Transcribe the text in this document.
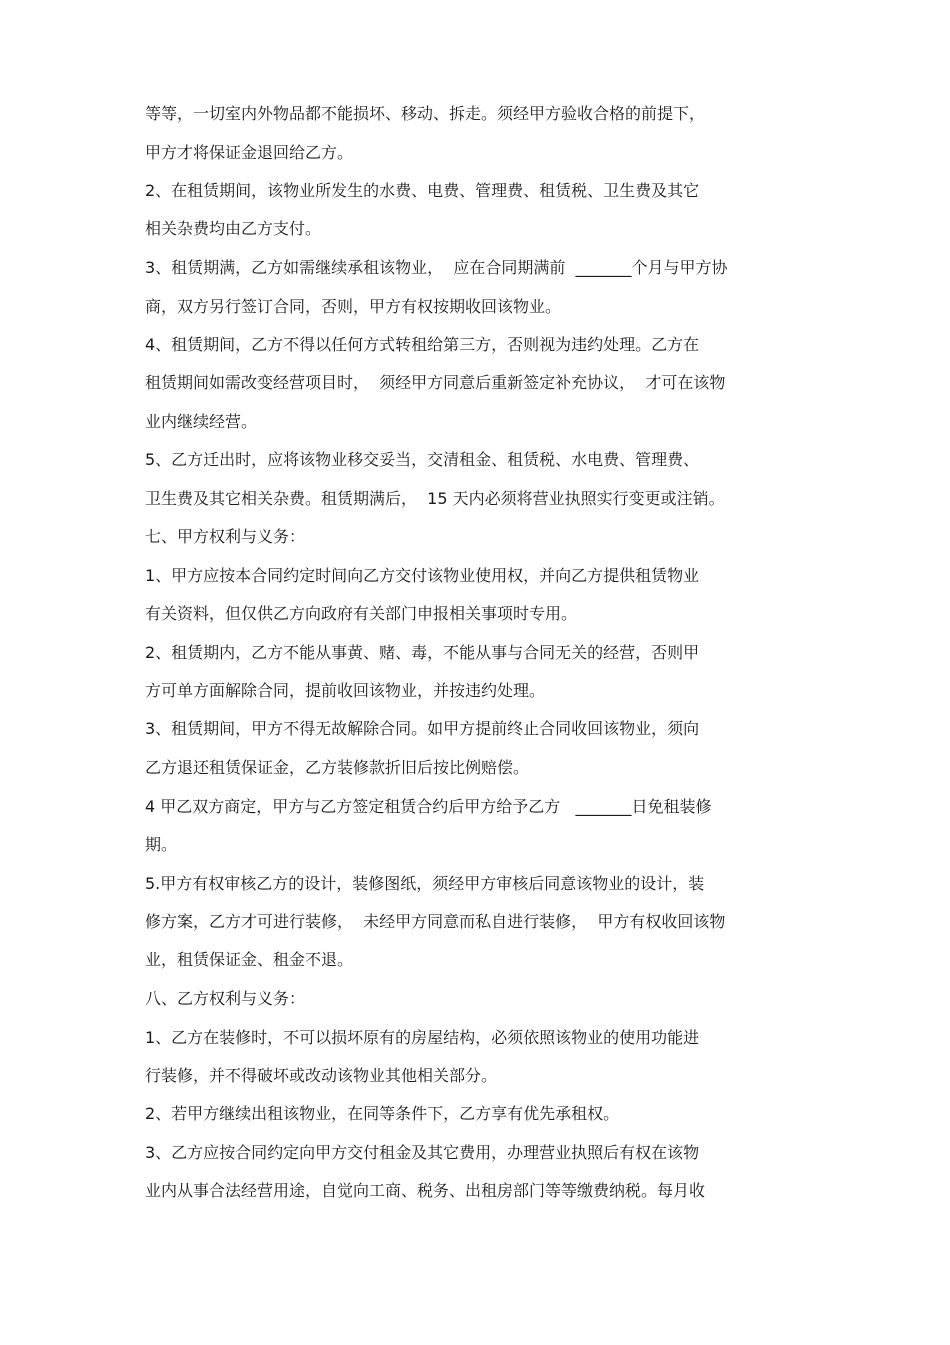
等等，一切室内外物品都不能损坏、移动、拆走。须经甲方验收合格的前提下，
甲方才将保证金退回给乙方。
2、在租赁期间，该物业所发生的水费、电费、管理费、租赁税、卫生费及其它
相关杂费均由乙方支付。
3、租赁期满，乙方如需继续承租该物业，  应在合同期满前  _______个月与甲方协
商，双方另行签订合同，否则，甲方有权按期收回该物业。
4、租赁期间，乙方不得以任何方式转租给第三方，否则视为违约处理。乙方在
租赁期间如需改变经营项目时，  须经甲方同意后重新签定补充协议，  才可在该物
业内继续经营。
5、乙方迁出时，应将该物业移交妥当，交清租金、租赁税、水电费、管理费、
卫生费及其它相关杂费。租赁期满后，  15 天内必须将营业执照实行变更或注销。
七、甲方权利与义务：
1、甲方应按本合同约定时间向乙方交付该物业使用权，并向乙方提供租赁物业
有关资料，但仅供乙方向政府有关部门申报相关事项时专用。
2、租赁期内，乙方不能从事黄、赌、毒，不能从事与合同无关的经营，否则甲
方可单方面解除合同，提前收回该物业，并按违约处理。
3、租赁期间，甲方不得无故解除合同。如甲方提前终止合同收回该物业，须向
乙方退还租赁保证金，乙方装修款折旧后按比例赔偿。
4 甲乙双方商定，甲方与乙方签定租赁合约后甲方给予乙方   _______日免租装修
期。
5.甲方有权审核乙方的设计，装修图纸，须经甲方审核后同意该物业的设计，装
修方案，乙方才可进行装修，  未经甲方同意而私自进行装修，  甲方有权收回该物
业，租赁保证金、租金不退。
八、乙方权利与义务：
1、乙方在装修时，不可以损坏原有的房屋结构，必须依照该物业的使用功能进
行装修，并不得破坏或改动该物业其他相关部分。
2、若甲方继续出租该物业，在同等条件下，乙方享有优先承租权。
3、乙方应按合同约定向甲方交付租金及其它费用，办理营业执照后有权在该物
业内从事合法经营用途，自觉向工商、税务、出租房部门等等缴费纳税。每月收
